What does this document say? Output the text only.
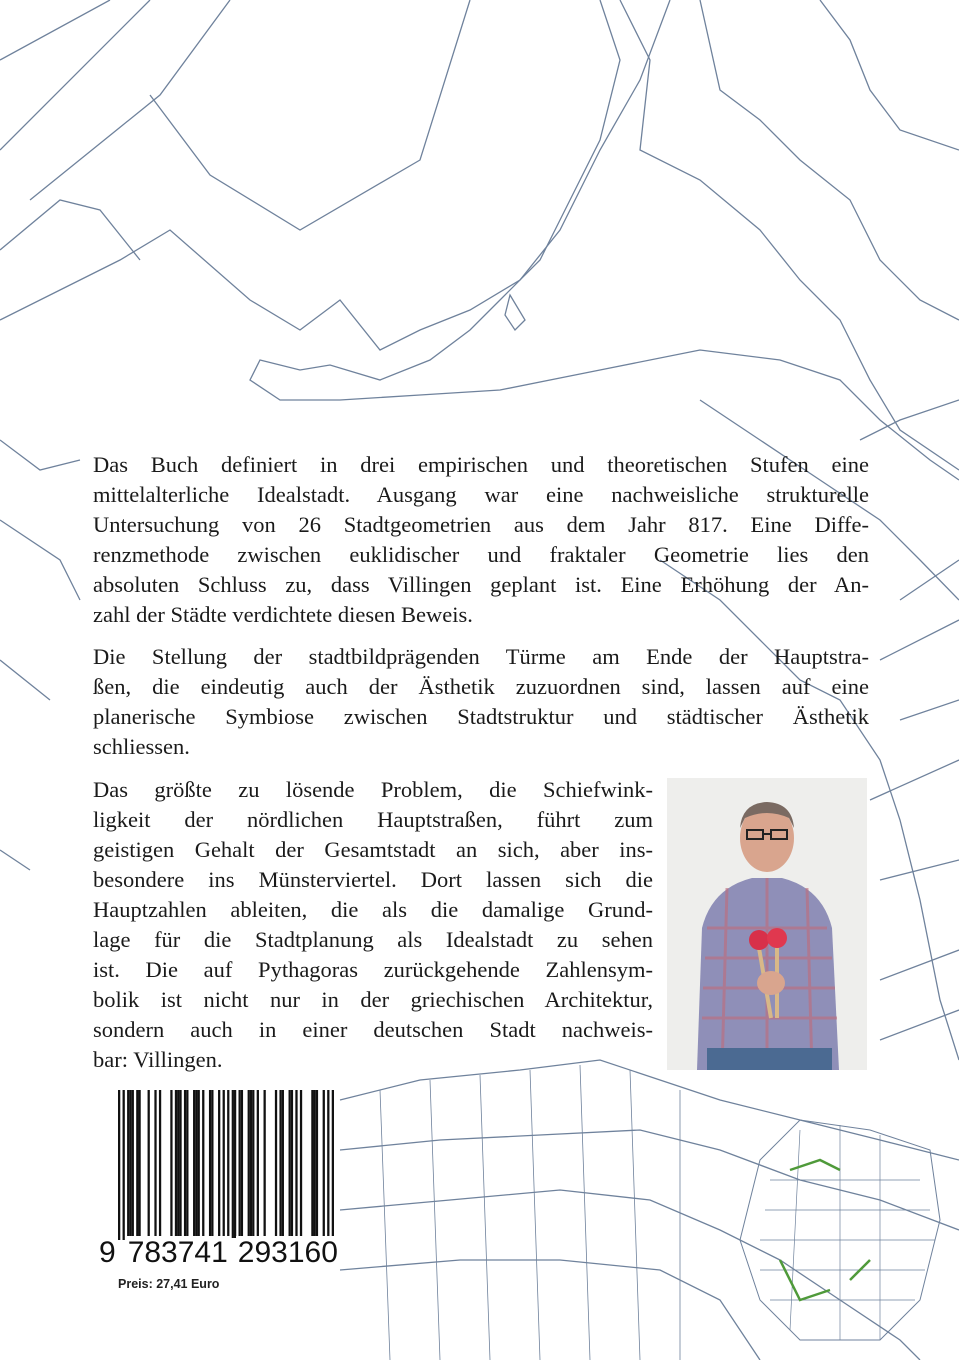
Das Buch definiert in drei empirischen und theoretischen Stufen eine
mittelalterliche Idealstadt. Ausgang war eine nachweisliche strukturelle
Untersuchung von 26 Stadtgeometrien aus dem Jahr 817. Eine Diffe-
renzmethode zwischen euklidischer und fraktaler Geometrie lies den
absoluten Schluss zu, dass Villingen geplant ist. Eine Erhöhung der An-
zahl der Städte verdichtete diesen Beweis.
Die Stellung der stadtbildprägenden Türme am Ende der Hauptstra-
ßen, die eindeutig auch der Ästhetik zuzuordnen sind, lassen auf eine
planerische Symbiose zwischen Stadtstruktur und städtischer Ästhetik
schliessen.
Das größte zu lösende Problem, die Schiefwink-
ligkeit der nördlichen Hauptstraßen, führt zum
geistigen Gehalt der Gesamtstadt an sich, aber ins-
besondere ins Münsterviertel. Dort lassen sich die
Hauptzahlen ableiten, die als die damalige Grund-
lage für die Stadtplanung als Idealstadt zu sehen
ist. Die auf Pythagoras zurückgehende Zahlensym-
bolik ist nicht nur in der griechischen Architektur,
sondern auch in einer deutschen Stadt nachweis-
bar: Villingen.
9 783741 293160
Preis: 27,41 Euro
